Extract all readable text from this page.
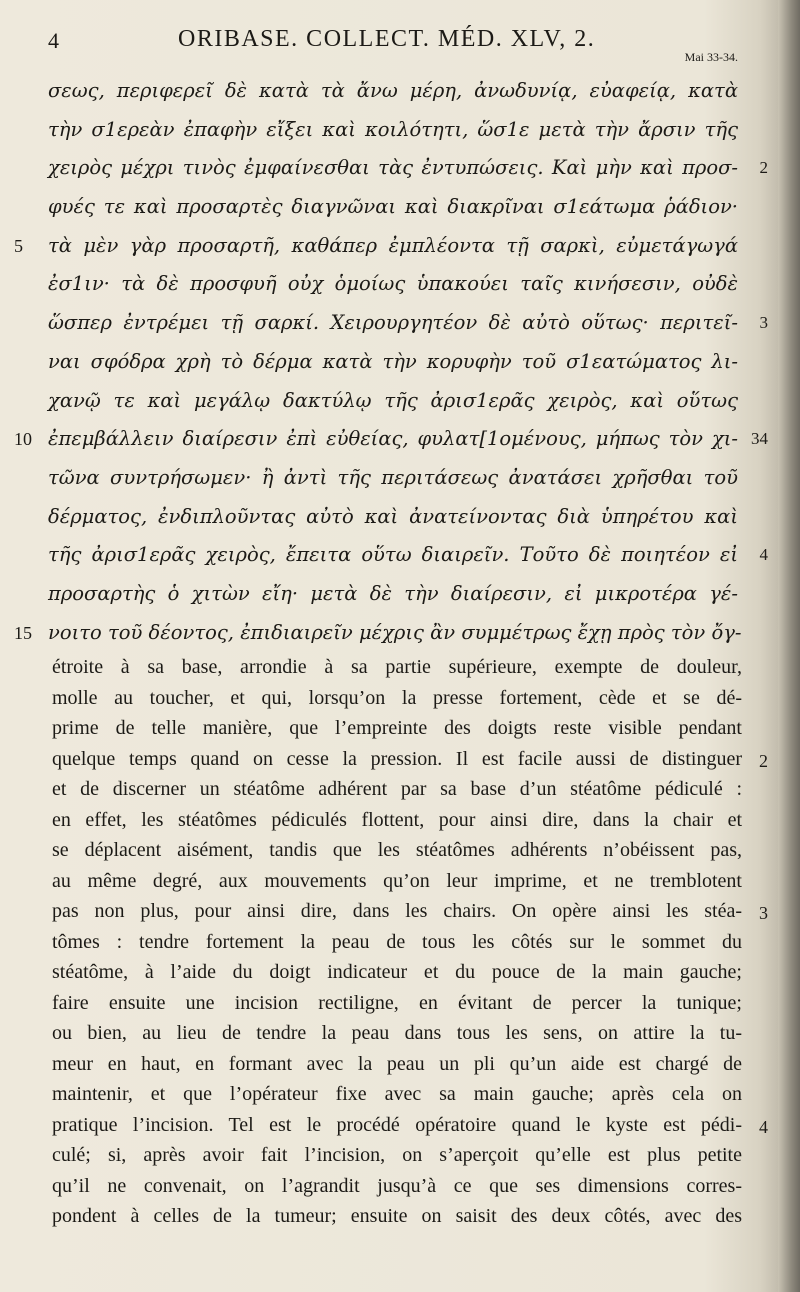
4	ORIBASE. COLLECT. MÉD. XLV, 2.
Mai 33-34.
σεως, περιφερεῖ δὲ κατὰ τὰ ἄνω μέρη, ἀνωδυνίᾳ, εὐαφείᾳ, κατὰ
τὴν σ1ερεὰν ἐπαφὴν εἴξει καὶ κοιλότητι, ὥσ1ε μετὰ τὴν ἄρσιν τῆς
χειρὸς μέχρι τινὸς ἐμφαίνεσθαι τὰς ἐντυπώσεις. Καὶ μὴν καὶ προσ- 2
φυές τε καὶ προσαρτὲς διαγνῶναι καὶ διακρῖναι σ1εάτωμα ῥάδιον·
τὰ μὲν γὰρ προσαρτῆ, καθάπερ ἐμπλέοντα τῇ σαρκὶ, εὐμετάγωγά
5
ἐσ1ιν· τὰ δὲ προσφυῆ οὐχ ὁμοίως ὑπακούει ταῖς κινήσεσιν, οὐδὲ
ὥσπερ ἐντρέμει τῇ σαρκί. Χειρουργητέον δὲ αὐτὸ οὕτως· περιτεῖ- 3
ναι σφόδρα χρὴ τὸ δέρμα κατὰ τὴν κορυφὴν τοῦ σ1εατώματος λι-
χανῷ τε καὶ μεγάλῳ δακτύλῳ τῆς ἀρισ1ερᾶς χειρὸς, καὶ οὕτως
ἐπεμβάλλειν διαίρεσιν ἐπὶ εὐθείας, φυλατ[1ομένους, μήπως τὸν χι-
10	34
τῶνα συντρήσωμεν· ἢ ἀντὶ τῆς περιτάσεως ἀνατάσει χρῆσθαι τοῦ
δέρματος, ἐνδιπλοῦντας αὐτὸ καὶ ἀνατείνοντας διὰ ὑπηρέτου καὶ
τῆς ἀρισ1ερᾶς χειρὸς, ἔπειτα οὕτω διαιρεῖν. Τοῦτο δὲ ποιητέον εἰ 4
προσαρτὴς ὁ χιτὼν εἴη· μετὰ δὲ τὴν διαίρεσιν, εἰ μικροτέρα γέ-
νοιτο τοῦ δέοντος, ἐπιδιαιρεῖν μέχρις ἂν συμμέτρως ἔχῃ πρὸς τὸν ὄγ-
15
étroite à sa base, arrondie à sa partie supérieure, exempte de douleur,
molle au toucher, et qui, lorsqu’on la presse fortement, cède et se dé-
prime de telle manière, que l’empreinte des doigts reste visible pendant
quelque temps quand on cesse la pression. Il est facile aussi de distinguer 2
et de discerner un stéatôme adhérent par sa base d’un stéatôme pédiculé :
en effet, les stéatômes pédiculés flottent, pour ainsi dire, dans la chair et
se déplacent aisément, tandis que les stéatômes adhérents n’obéissent pas,
au même degré, aux mouvements qu’on leur imprime, et ne tremblotent
pas non plus, pour ainsi dire, dans les chairs. On opère ainsi les stéa- 3
tômes : tendre fortement la peau de tous les côtés sur le sommet du
stéatôme, à l’aide du doigt indicateur et du pouce de la main gauche;
faire ensuite une incision rectiligne, en évitant de percer la tunique;
ou bien, au lieu de tendre la peau dans tous les sens, on attire la tu-
meur en haut, en formant avec la peau un pli qu’un aide est chargé de
maintenir, et que l’opérateur fixe avec sa main gauche; après cela on
pratique l’incision. Tel est le procédé opératoire quand le kyste est pédi- 4
culé; si, après avoir fait l’incision, on s’aperçoit qu’elle est plus petite
qu’il ne convenait, on l’agrandit jusqu’à ce que ses dimensions corres-
pondent à celles de la tumeur; ensuite on saisit des deux côtés, avec des
